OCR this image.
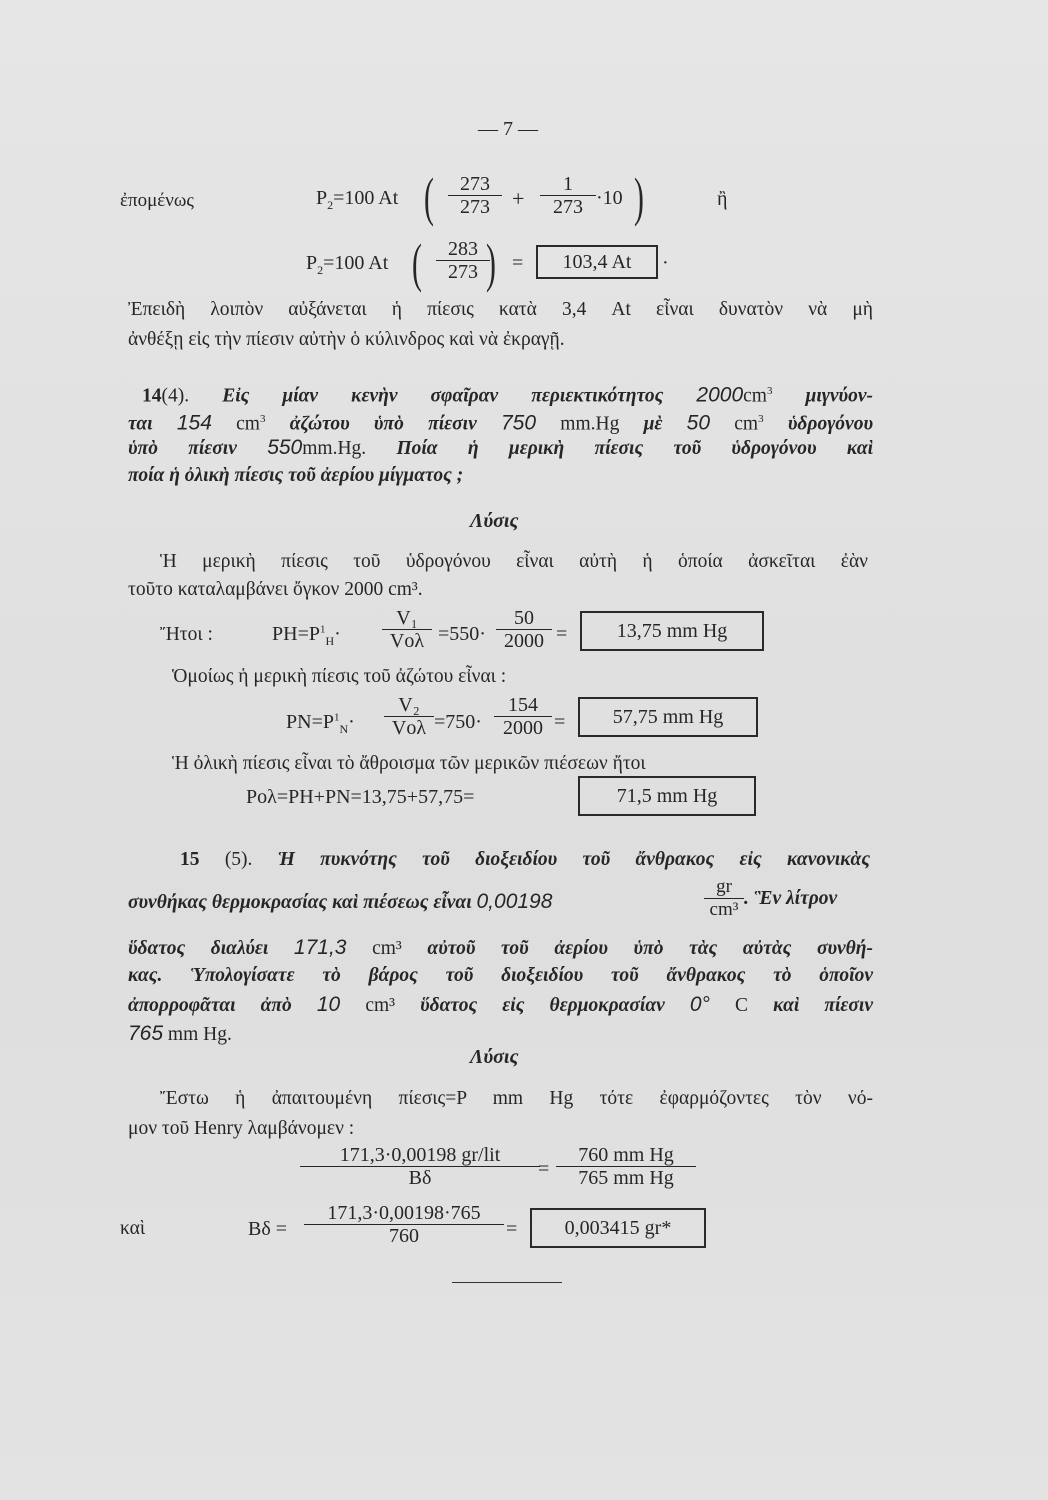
— 7 —
ἐπομένως	$P_2=100$ At ( $\frac{273}{273} + \frac{1}{273} \cdot 10$ )	ἢ
$P_2=100$ At ( $\frac{283}{273}$
) =	103,4 At	·
Ἐπειδὴ λοιπὸν αὐξάνεται ἡ πίεσις κατὰ 3,4 At εἶναι δυνατὸν νὰ μὴ
ἀνθέξῃ εἰς τὴν πίεσιν αὐτὴν ὁ κύλινδρος καὶ νὰ ἐκραγῇ.
14(4). Εἰς μίαν κενὴν σφαῖραν περιεκτικότητος $2000cm^3$ μιγνύον-
ται 154 $cm^3$ ἀζώτου ὑπὸ πίεσιν 750 mm.Hg μὲ 50 $cm^3$ ὑδρογόνου
ὑπὸ πίεσιν 550mm.Hg. Ποία ἡ μερικὴ πίεσις τοῦ ὑδρογόνου καὶ
ποία ἡ ὀλικὴ πίεσις τοῦ ἀερίου μίγματος ;
Λύσις
Ἡ μερικὴ πίεσις τοῦ ὑδρογόνου εἶναι αὐτὴ ἡ ὁποία ἀσκεῖται ἐὰν
τοῦτο καταλαμβάνει ὄγκον 2000 cm³.
Ἤτοι :	$PH=P^1_H\cdot$
V₁
$Vo\lambda =550\cdot \frac{50}{2000}$ =	13,75 mm Hg
Ὁμοίως ἡ μερικὴ πίεσις τοῦ ἀζώτου εἶναι :
$PN=P^1_N\cdot$
V₂
$Vo\lambda =750\cdot \frac{154}{2000}$ =	57,75 mm Hg
Ἡ ὀλικὴ πίεσις εἶναι τὸ ἄθροισμα τῶν μερικῶν πιέσεων ἤτοι
Pολ=PH+PN=13,75+57,75=	71,5 mm Hg
15 (5). Ἡ πυκνότης τοῦ διοξειδίου τοῦ ἄνθρακος εἰς κανονικὰς
συνθήκας θερμοκρασίας καὶ πιέσεως εἶναι 0,00198	$\frac{gr}{\text{cm³}}$ . Ἓν λίτρον
ὕδατος διαλύει 171,3 cm³ αὐτοῦ τοῦ ἀερίου ὑπὸ τὰς αὐτὰς συνθή-
κας. Ὑπολογίσατε τὸ βάρος τοῦ διοξειδίου τοῦ ἄνθρακος τὸ ὁποῖον
ἀπορροφᾶται ἀπὸ 10 cm³ ὕδατος εἰς θερμοκρασίαν 0° C καὶ πίεσιν
765 mm Hg.
Λύσις
Ἔστω ἡ ἀπαιτουμένη πίεσις=P mm Hg τότε ἐφαρμόζοντες τὸν νό-
μον τοῦ Henry λαμβάνομεν :
171,3·0,00198 gr/lit
Bδ	= $\frac{\text{760 mm Hg}}{\text{765 mm Hg}}$
καὶ	$B\delta = \frac{171,3\cdot 0,00198\cdot 765}{760}$ =	0,003415 gr*
